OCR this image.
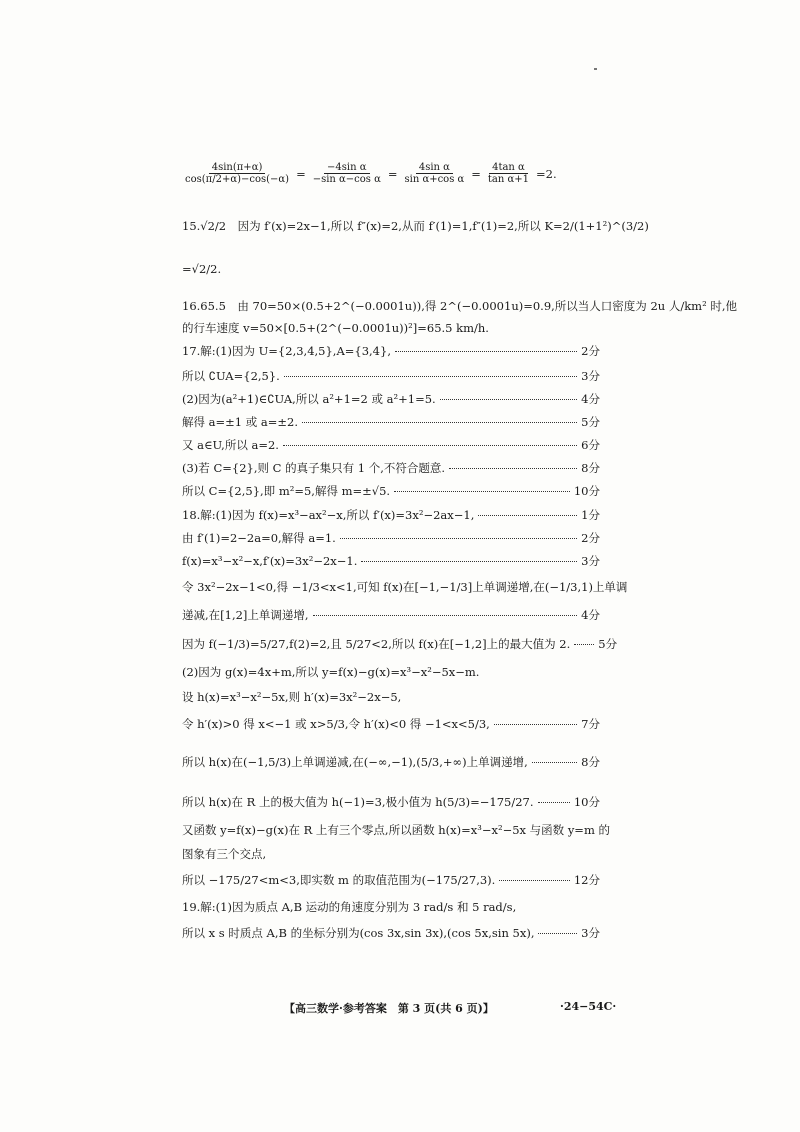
$\frac{4\sin(\pi+\alpha)}{\cos(\pi/2+\alpha)-\cos(-\alpha)} = \frac{\text{−4sin α}}{\text{−sin α−cos α}} = \frac{\text{4sin α}}{\text{sin α+cos α}} = \frac{\text{4tan α}}{\text{tan α+1}} =2$.
15.√2/2　因为 f′(x)=2x−1,所以 f″(x)=2,从而 f′(1)=1,f″(1)=2,所以 K=2/(1+1²)^(3/2)
=√2/2.
16.65.5　由 70=50×(0.5+2^(−0.0001u)),得 2^(−0.0001u)=0.9,所以当人口密度为 2u 人/km² 时,他
的行车速度 v=50×[0.5+(2^(−0.0001u))²]=65.5 km/h.
17.解:(1)因为 U={2,3,4,5},A={3,4},	2分
所以 ∁UA={2,5}.	3分
(2)因为(a²+1)∈∁UA,所以 a²+1=2 或 a²+1=5.	4分
解得 a=±1 或 a=±2.	5分
又 a∈U,所以 a=2.	6分
(3)若 C={2},则 C 的真子集只有 1 个,不符合题意.	8分
所以 C={2,5},即 m²=5,解得 m=±√5.	10分
18.解:(1)因为 f(x)=x³−ax²−x,所以 f′(x)=3x²−2ax−1,	1分
由 f′(1)=2−2a=0,解得 a=1.	2分
f(x)=x³−x²−x,f′(x)=3x²−2x−1.	3分
令 3x²−2x−1<0,得 −1/3<x<1,可知 f(x)在[−1,−1/3]上单调递增,在(−1/3,1)上单调
递减,在[1,2]上单调递增,	4分
因为 f(−1/3)=5/27,f(2)=2,且 5/27<2,所以 f(x)在[−1,2]上的最大值为 2. 5分
(2)因为 g(x)=4x+m,所以 y=f(x)−g(x)=x³−x²−5x−m.
设 h(x)=x³−x²−5x,则 h′(x)=3x²−2x−5,
令 h′(x)>0 得 x<−1 或 x>5/3,令 h′(x)<0 得 −1<x<5/3,	7分
所以 h(x)在(−1,5/3)上单调递减,在(−∞,−1),(5/3,+∞)上单调递增,	8分
所以 h(x)在 R 上的极大值为 h(−1)=3,极小值为 h(5/3)=−175/27.	10分
又函数 y=f(x)−g(x)在 R 上有三个零点,所以函数 h(x)=x³−x²−5x 与函数 y=m 的
图象有三个交点,
所以 −175/27<m<3,即实数 m 的取值范围为(−175/27,3).	12分
19.解:(1)因为质点 A,B 运动的角速度分别为 3 rad/s 和 5 rad/s,
所以 x s 时质点 A,B 的坐标分别为(cos 3x,sin 3x),(cos 5x,sin 5x),	3分
【高三数学·参考答案　第 3 页(共 6 页)】	·24−54C·
